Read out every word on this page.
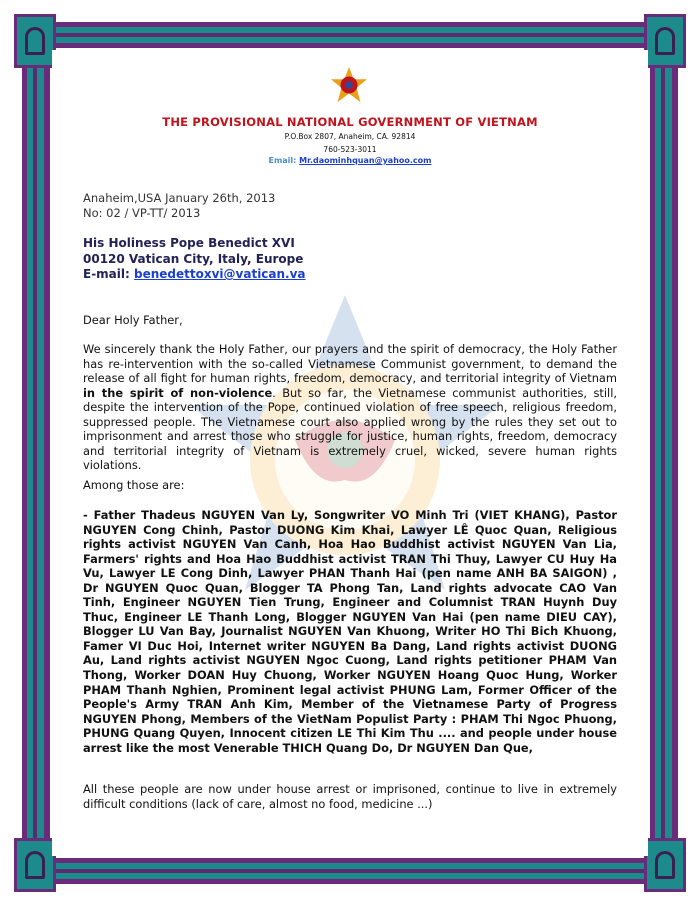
THE PROVISIONAL NATIONAL GOVERNMENT OF VIETNAM
P.O.Box 2807, Anaheim, CA. 92814
760-523-3011
Email: Mr.daominhquan@yahoo.com
Anaheim,USA January 26th, 2013
No: 02 / VP-TT/ 2013
His Holiness Pope Benedict XVI
00120 Vatican City, Italy, Europe
E-mail: benedettoxvi@vatican.va
Dear Holy Father,
We sincerely thank the Holy Father, our prayers and the spirit of democracy, the Holy Father has re-intervention with the so-called Vietnamese Communist government, to demand the release of all fight for human rights, freedom, democracy, and territorial integrity of Vietnam in the spirit of non-violence. But so far, the Vietnamese communist authorities, still, despite the intervention of the Pope, continued violation of free speech, religious freedom, suppressed people. The Vietnamese court also applied wrong by the rules they set out to imprisonment and arrest those who struggle for justice, human rights, freedom, democracy and territorial integrity of Vietnam is extremely cruel, wicked, severe human rights violations.
Among those are:
- Father Thadeus NGUYEN Van Ly, Songwriter VO Minh Tri (VIET KHANG), Pastor NGUYEN Cong Chinh, Pastor DUONG Kim Khai, Lawyer LÊ Quoc Quan, Religious rights activist NGUYEN Van Canh, Hoa Hao Buddhist activist NGUYEN Van Lia, Farmers' rights and Hoa Hao Buddhist activist TRAN Thi Thuy, Lawyer CU Huy Ha Vu, Lawyer LE Cong Dinh, Lawyer PHAN Thanh Hai (pen name ANH BA SAIGON) , Dr NGUYEN Quoc Quan, Blogger TA Phong Tan, Land rights advocate CAO Van Tinh, Engineer NGUYEN Tien Trung, Engineer and Columnist TRAN Huynh Duy Thuc, Engineer LE Thanh Long, Blogger NGUYEN Van Hai (pen name DIEU CAY), Blogger LU Van Bay, Journalist NGUYEN Van Khuong, Writer HO Thi Bich Khuong, Famer VI Duc Hoi, Internet writer NGUYEN Ba Dang, Land rights activist DUONG Au, Land rights activist NGUYEN Ngoc Cuong, Land rights petitioner PHAM Van Thong, Worker DOAN Huy Chuong, Worker NGUYEN Hoang Quoc Hung, Worker PHAM Thanh Nghien, Prominent legal activist PHUNG Lam, Former Officer of the People's Army TRAN Anh Kim, Member of the Vietnamese Party of Progress NGUYEN Phong, Members of the VietNam Populist Party : PHAM Thi Ngoc Phuong, PHUNG Quang Quyen, Innocent citizen LE Thi Kim Thu .... and people under house arrest like the most Venerable THICH Quang Do, Dr NGUYEN Dan Que,
All these people are now under house arrest or imprisoned, continue to live in extremely difficult conditions (lack of care, almost no food, medicine ...)
